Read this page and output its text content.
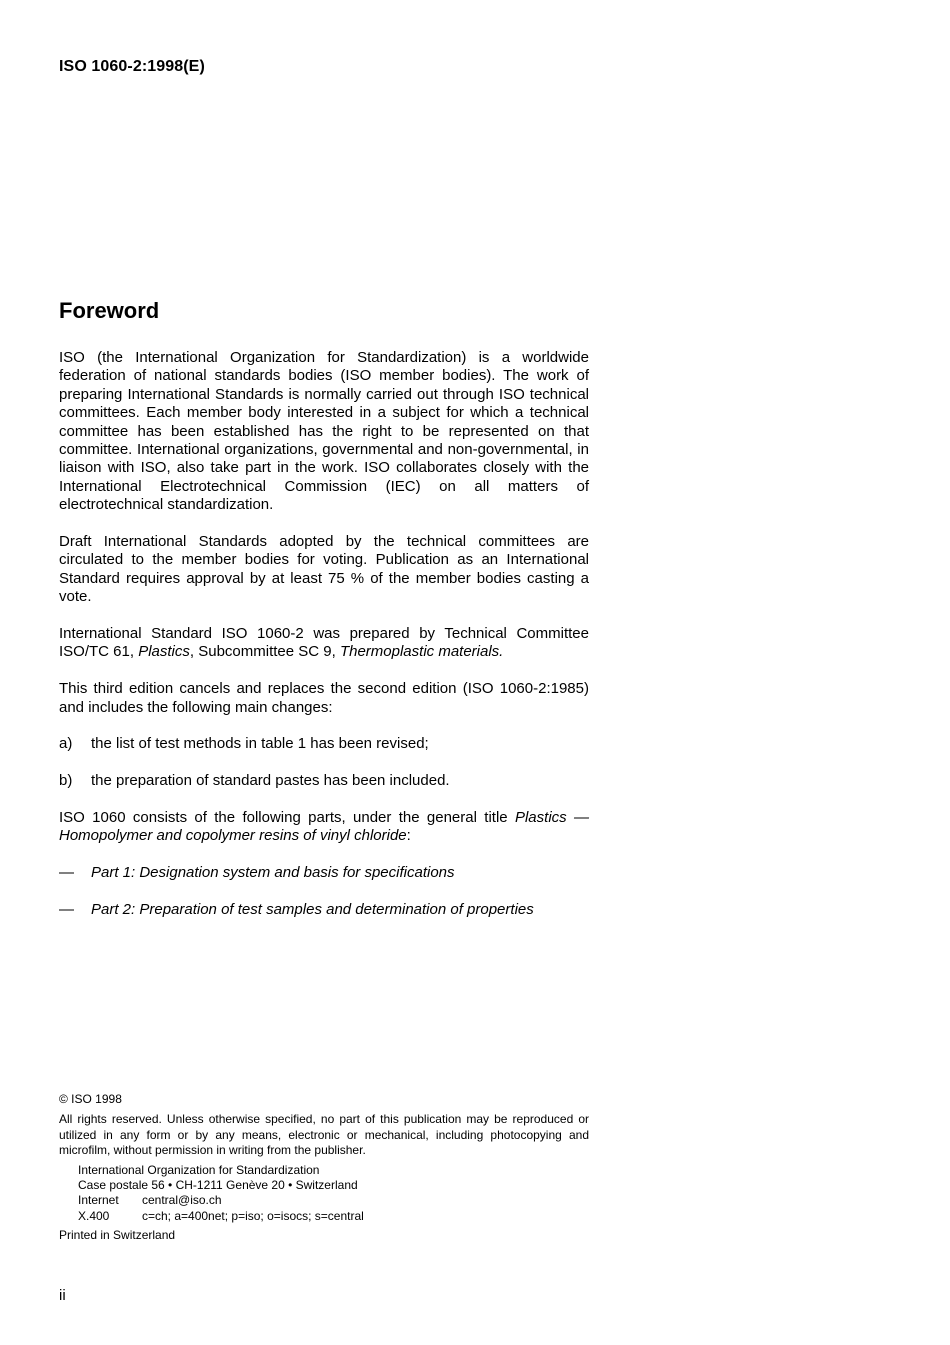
ISO 1060-2:1998(E)
Foreword

ISO (the International Organization for Standardization) is a worldwide federation of national standards bodies (ISO member bodies). The work of preparing International Standards is normally carried out through ISO technical committees. Each member body interested in a subject for which a technical committee has been established has the right to be represented on that committee. International organizations, governmental and non-governmental, in liaison with ISO, also take part in the work. ISO collaborates closely with the International Electrotechnical Commission (IEC) on all matters of electrotechnical standardization.

Draft International Standards adopted by the technical committees are circulated to the member bodies for voting. Publication as an International Standard requires approval by at least 75 % of the member bodies casting a vote.

International Standard ISO 1060-2 was prepared by Technical Committee ISO/TC 61, Plastics, Subcommittee SC 9, Thermoplastic materials.

This third edition cancels and replaces the second edition (ISO 1060-2:1985) and includes the following main changes:

a)	the list of test methods in table 1 has been revised;
b)	the preparation of standard pastes has been included.

ISO 1060 consists of the following parts, under the general title Plastics — Homopolymer and copolymer resins of vinyl chloride:

—	Part 1: Designation system and basis for specifications
—	Part 2: Preparation of test samples and determination of properties
© ISO 1998
All rights reserved. Unless otherwise specified, no part of this publication may be reproduced or utilized in any form or by any means, electronic or mechanical, including photocopying and microfilm, without permission in writing from the publisher.
International Organization for Standardization
Case postale 56 • CH-1211 Genève 20 • Switzerland
Internet	central@iso.ch
X.400	c=ch; a=400net; p=iso; o=isocs; s=central
Printed in Switzerland
ii
